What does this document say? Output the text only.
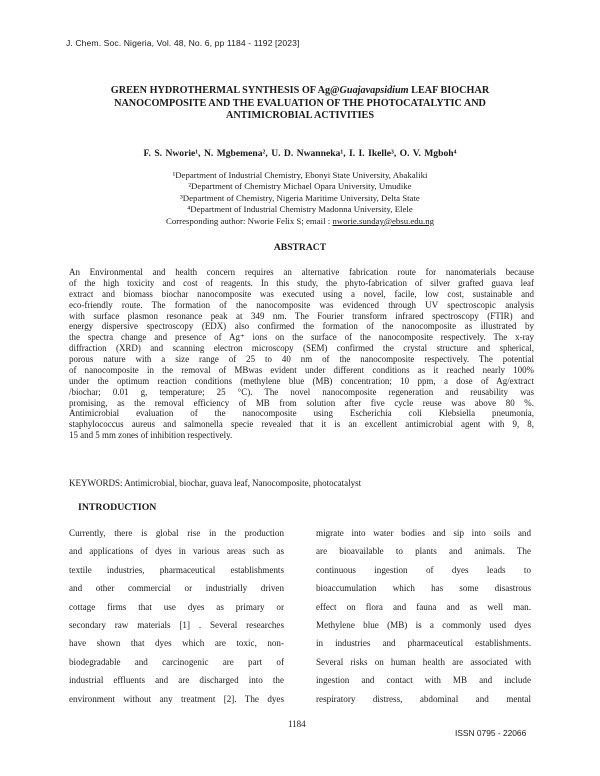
J. Chem. Soc. Nigeria, Vol. 48, No. 6, pp 1184 - 1192 [2023]
GREEN HYDROTHERMAL SYNTHESIS OF Ag@Guajavapsidium LEAF BIOCHAR
NANOCOMPOSITE AND THE EVALUATION OF THE PHOTOCATALYTIC AND
ANTIMICROBIAL ACTIVITIES
F. S. Nworie¹, N. Mgbemena², U. D. Nwanneka¹, I. I. Ikelle³, O. V. Mgboh⁴
¹Department of Industrial Chemistry, Ebonyi State University, Abakaliki
²Department of Chemistry Michael Opara University, Umudike
³Department of Chemistry, Nigeria Maritime University, Delta State
⁴Department of Industrial Chemistry Madonna University, Elele
Corresponding author: Nworie Felix S; email : nworie.sunday@ebsu.edu.ng
ABSTRACT
An Environmental and health concern requires an alternative fabrication route for nanomaterials because
of the high toxicity and cost of reagents. In this study, the phyto-fabrication of silver grafted guava leaf
extract and biomass biochar nanocomposite was executed using a novel, facile, low cost, sustainable and
eco-friendly route. The formation of the nanocomposite was evidenced through UV spectroscopic analysis
with surface plasmon resonance peak at 349 nm. The Fourier transform infrared spectroscopy (FTIR) and
energy dispersive spectroscopy (EDX) also confirmed the formation of the nanocomposite as illustrated by
the spectra change and presence of Ag⁺ ions on the surface of the nanocomposite respectively. The x-ray
diffraction (XRD) and scanning electron microscopy (SEM) confirmed the crystal structure and spherical,
porous nature with a size range of 25 to 40 nm of the nanocomposite respectively. The potential
of nanocomposite in the removal of MBwas evident under different conditions as it reached nearly 100%
under the optimum reaction conditions (methylene blue (MB) concentration; 10 ppm, a dose of Ag/extract
/biochar; 0.01 g, temperature; 25 °C). The novel nanocomposite regeneration and reusability was
promising, as the removal efficiency of MB from solution after five cycle reuse was above 80 %.
Antimicrobial evaluation of the nanocomposite using Escherichia coli Klebsiella pneumonia,
staphylococcus aureus and salmonella specie revealed that it is an excellent antimicrobial agent with 9, 8,
15 and 5 mm zones of inhibition respectively.
KEYWORDS: Antimicrobial, biochar, guava leaf, Nanocomposite, photocatalyst
INTRODUCTION
Currently, there is global rise in the production
and applications of dyes in various areas such as
textile industries, pharmaceutical establishments
and other commercial or industrially driven
cottage firms that use dyes as primary or
secondary raw materials [1] . Several researches
have shown that dyes which are toxic, non-
biodegradable and carcinogenic are part of
industrial effluents and are discharged into the
environment without any treatment [2]. The dyes
migrate into water bodies and sip into soils and
are bioavailable to plants and animals. The
continuous ingestion of dyes leads to
bioaccumulation which has some disastrous
effect on flora and fauna and as well man.
Methylene blue (MB) is a commonly used dyes
in industries and pharmaceutical establishments.
Several risks on human health are associated with
ingestion and contact with MB and include
respiratory distress, abdominal and mental
1184
ISSN 0795 - 22066
